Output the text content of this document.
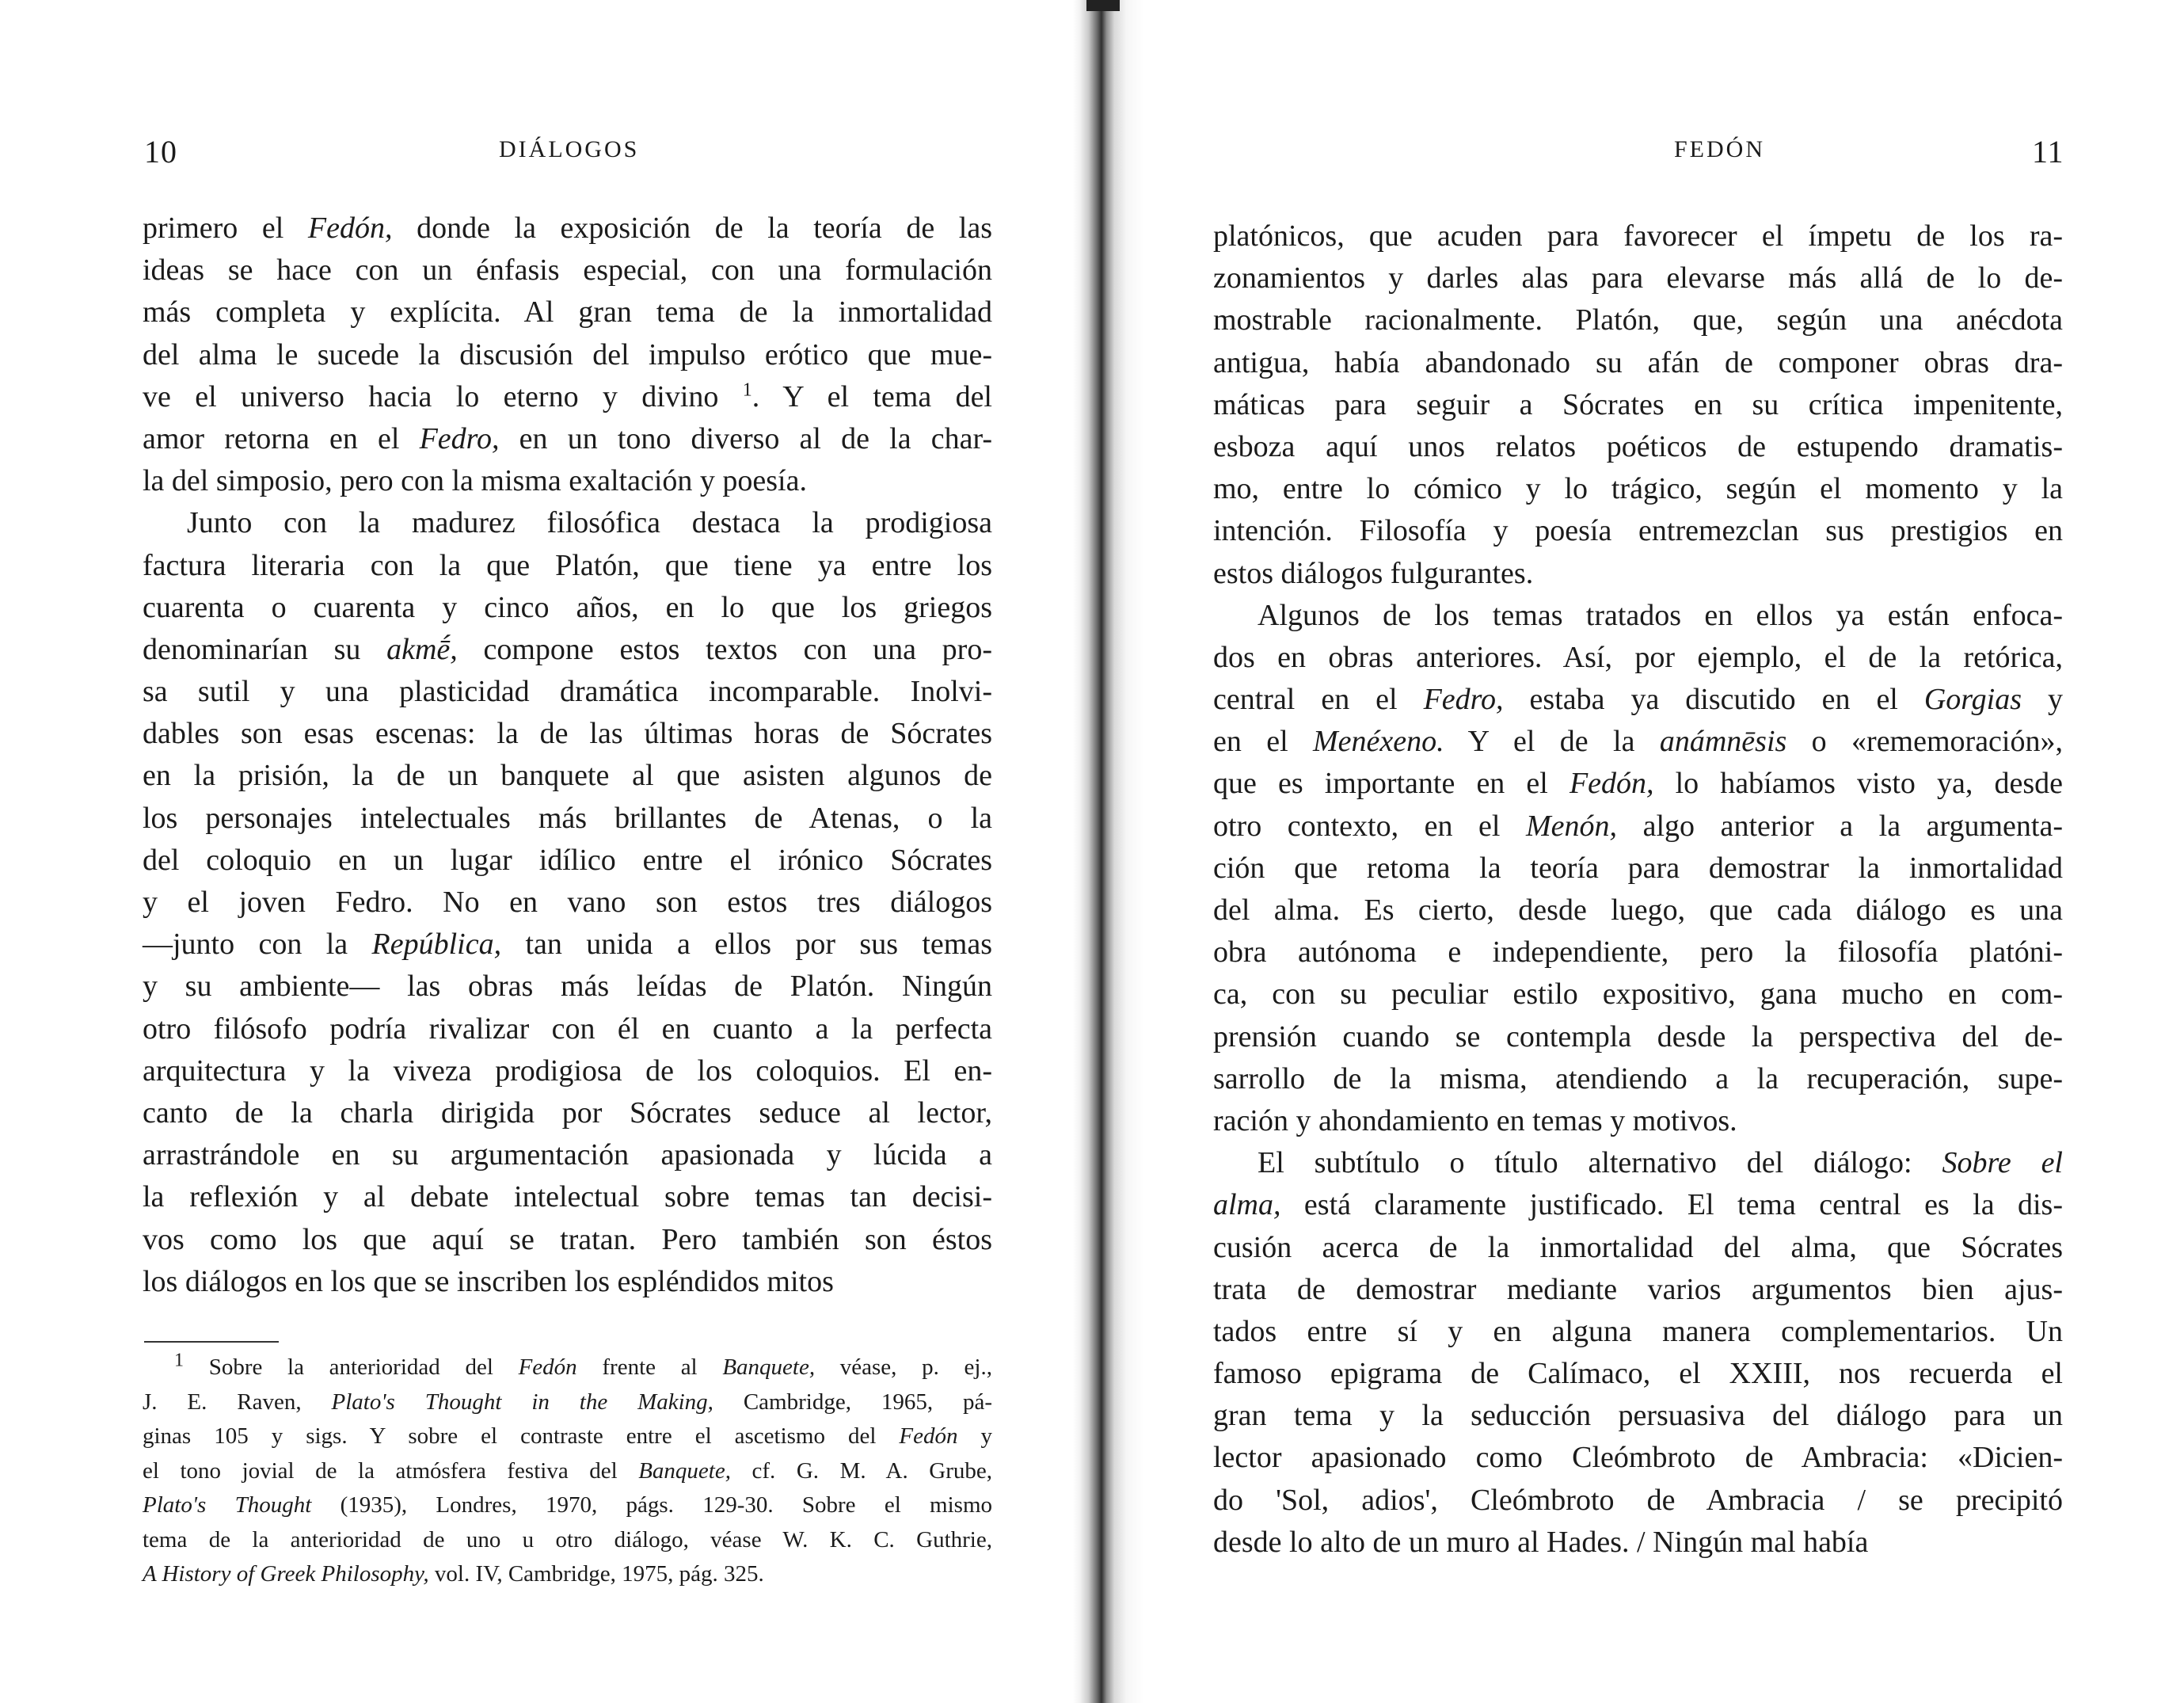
10	DIÁLOGOS
primero el Fedón, donde la exposición de la teoría de las
ideas se hace con un énfasis especial, con una formulación
más completa y explícita. Al gran tema de la inmortalidad
del alma le sucede la discusión del impulso erótico que mue-
ve el universo hacia lo eterno y divino $^1$. Y el tema del
amor retorna en el Fedro, en un tono diverso al de la char-
la del simposio, pero con la misma exaltación y poesía.
Junto con la madurez filosófica destaca la prodigiosa
factura literaria con la que Platón, que tiene ya entre los
cuarenta o cuarenta y cinco años, en lo que los griegos
denominarían su akmḗ, compone estos textos con una pro-
sa sutil y una plasticidad dramática incomparable. Inolvi-
dables son esas escenas: la de las últimas horas de Sócrates
en la prisión, la de un banquete al que asisten algunos de
los personajes intelectuales más brillantes de Atenas, o la
del coloquio en un lugar idílico entre el irónico Sócrates
y el joven Fedro. No en vano son estos tres diálogos
—junto con la República, tan unida a ellos por sus temas
y su ambiente— las obras más leídas de Platón. Ningún
otro filósofo podría rivalizar con él en cuanto a la perfecta
arquitectura y la viveza prodigiosa de los coloquios. El en-
canto de la charla dirigida por Sócrates seduce al lector,
arrastrándole en su argumentación apasionada y lúcida a
la reflexión y al debate intelectual sobre temas tan decisi-
vos como los que aquí se tratan. Pero también son éstos
los diálogos en los que se inscriben los espléndidos mitos
$^1$ Sobre la anterioridad del Fedón frente al Banquete, véase, p. ej.,
J. E. Raven, Plato's Thought in the Making, Cambridge, 1965, pá-
ginas 105 y sigs. Y sobre el contraste entre el ascetismo del Fedón y
el tono jovial de la atmósfera festiva del Banquete, cf. G. M. A. Grube,
Plato's Thought (1935), Londres, 1970, págs. 129-30. Sobre el mismo
tema de la anterioridad de uno u otro diálogo, véase W. K. C. Guthrie,
A History of Greek Philosophy, vol. IV, Cambridge, 1975, pág. 325.
FEDÓN	11
platónicos, que acuden para favorecer el ímpetu de los ra-
zonamientos y darles alas para elevarse más allá de lo de-
mostrable racionalmente. Platón, que, según una anécdota
antigua, había abandonado su afán de componer obras dra-
máticas para seguir a Sócrates en su crítica impenitente,
esboza aquí unos relatos poéticos de estupendo dramatis-
mo, entre lo cómico y lo trágico, según el momento y la
intención. Filosofía y poesía entremezclan sus prestigios en
estos diálogos fulgurantes.
Algunos de los temas tratados en ellos ya están enfoca-
dos en obras anteriores. Así, por ejemplo, el de la retórica,
central en el Fedro, estaba ya discutido en el Gorgias y
en el Menéxeno. Y el de la anámnēsis o «rememoración»,
que es importante en el Fedón, lo habíamos visto ya, desde
otro contexto, en el Menón, algo anterior a la argumenta-
ción que retoma la teoría para demostrar la inmortalidad
del alma. Es cierto, desde luego, que cada diálogo es una
obra autónoma e independiente, pero la filosofía platóni-
ca, con su peculiar estilo expositivo, gana mucho en com-
prensión cuando se contempla desde la perspectiva del de-
sarrollo de la misma, atendiendo a la recuperación, supe-
ración y ahondamiento en temas y motivos.
El subtítulo o título alternativo del diálogo: Sobre el
alma, está claramente justificado. El tema central es la dis-
cusión acerca de la inmortalidad del alma, que Sócrates
trata de demostrar mediante varios argumentos bien ajus-
tados entre sí y en alguna manera complementarios. Un
famoso epigrama de Calímaco, el XXIII, nos recuerda el
gran tema y la seducción persuasiva del diálogo para un
lector apasionado como Cleómbroto de Ambracia: «Dicien-
do 'Sol, adios', Cleómbroto de Ambracia / se precipitó
desde lo alto de un muro al Hades. / Ningún mal había
